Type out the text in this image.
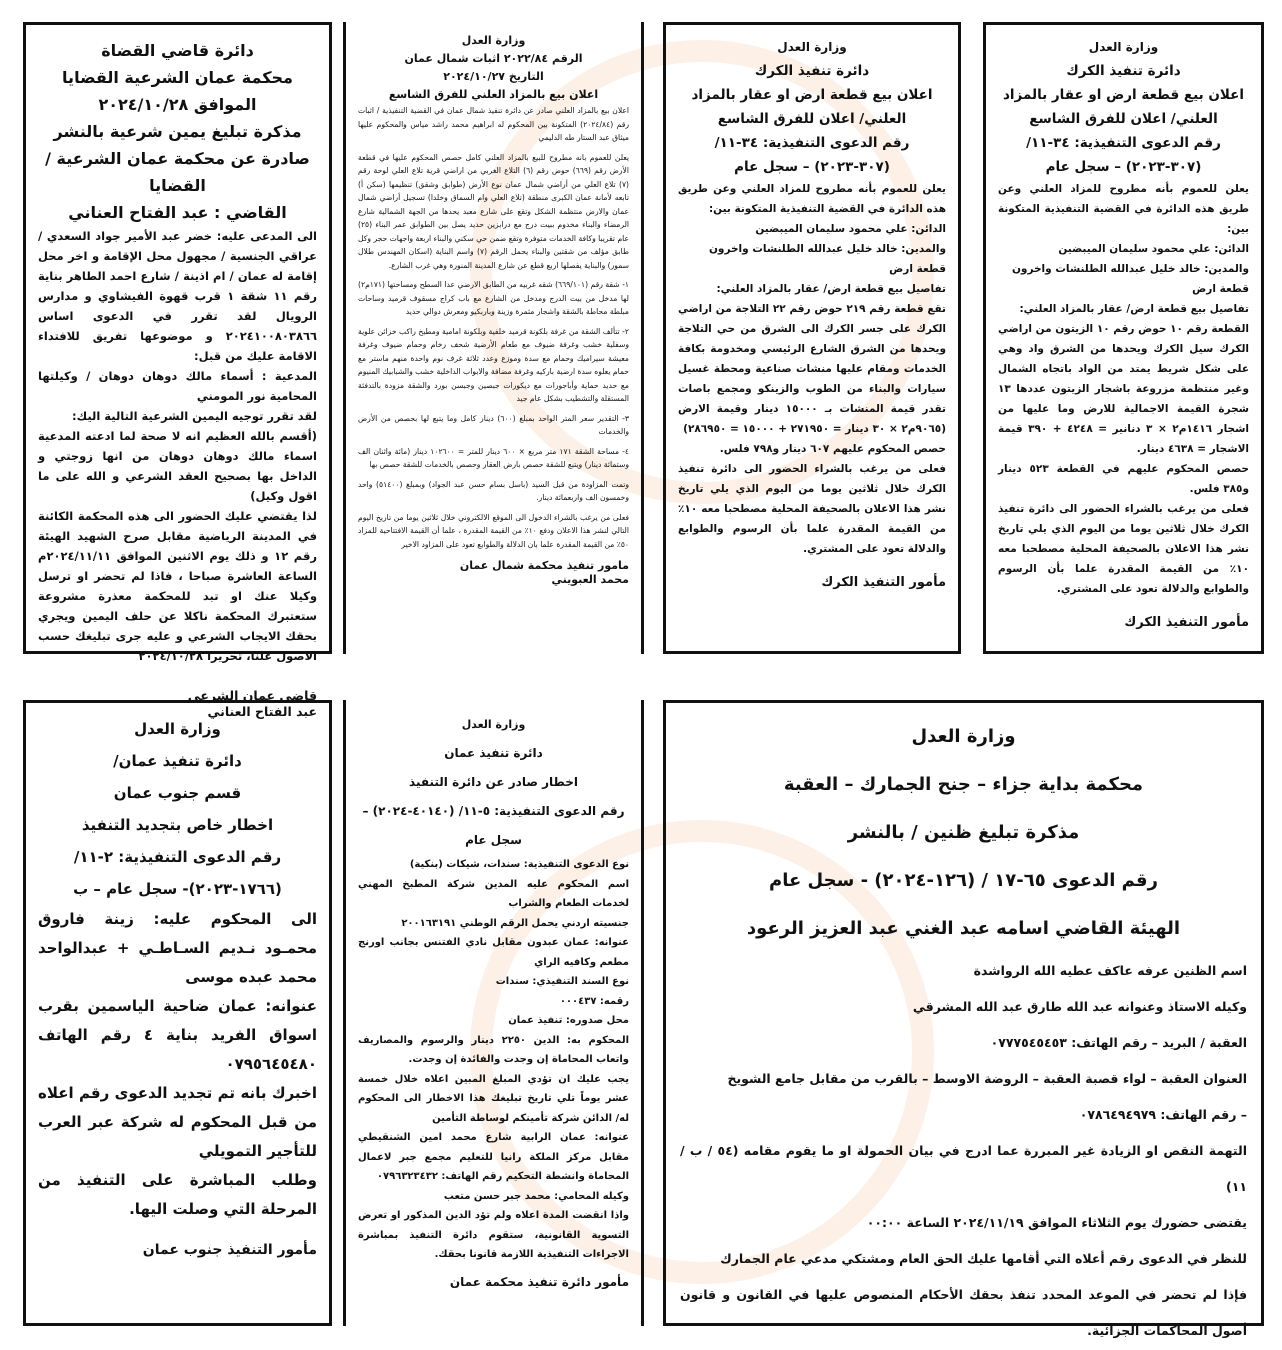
دائرة قاضي القضاة
محكمة عمان الشرعية القضايا
الموافق ٢٠٢٤/١٠/٢٨
مذكرة تبليغ يمين شرعية بالنشر صادرة عن محكمة عمان الشرعية / القضايا
القاضي : عبد الفتاح العناني
الى المدعى عليه: خضر عبد الأمير جواد السعدي / عراقي الجنسية / مجهول محل الإقامة و اخر محل إقامة له عمان / ام اذينة / شارع احمد الطاهر بناية رقم ١١ شقة ١ قرب قهوة الفيشاوي و مدارس الرويال لقد تقرر في الدعوى اساس ٢٠٢٤١٠٠٨٠٣٨٦٦ و موضوعها تفريق للافتداء الاقامة عليك من قبل:
المدعية : أسماء مالك دوهان دوهان / وكيلتها المحامية نور المومني
لقد تقرر توجيه اليمين الشرعية التالية اليك:
(أقسم بالله العظيم انه لا صحة لما ادعته المدعية اسماء مالك دوهان دوهان من انها زوجتي و الداخل بها بصحيح العقد الشرعي و الله على ما اقول وكيل)
لذا يقتضي عليك الحضور الى هذه المحكمة الكائنة في المدينة الرياضية مقابل صرح الشهيد الهيئة رقم ١٢ و ذلك يوم الاثنين الموافق ٢٠٢٤/١١/١١م الساعة العاشرة صباحا ، فاذا لم تحضر او ترسل وكيلا عنك او تبد للمحكمة معذرة مشروعة ستعتبرك المحكمة ناكلا عن حلف اليمين ويجري بحقك الايجاب الشرعي و عليه جرى تبليغك حسب الاصول علنا، تحريرا ٢٠٢٤/١٠/٢٨
قاضي عمان الشرعي
عبد الفتاح العناني
وزارة العدل
الرقم ٢٠٢٢/٨٤ اثبات شمال عمان
التاريخ ٢٠٢٤/١٠/٢٧
اعلان بيع بالمزاد العلني للفرق الشاسع
اعلان بيع بالمزاد العلني صادر عن دائرة تنفيذ شمال عمان في القضية التنفيذية / اثبات رقم (٢٠٢٤/٨٤) المتكونة بين المحكوم له ابراهيم محمد راشد مياس والمحكوم عليها ميثاق عبد الستار طه الدليمي
يعلن للعموم بانه مطروح للبيع بالمزاد العلني كامل حصص المحكوم عليها في قطعة الأرض رقم (٦٦٩) حوض رقم (٦) التلاع الغربي من اراضي قرية تلاع العلي لوحة رقم (٧) تلاع العلي من أراضي شمال عمان نوع الأرض (طوابق وشقق) تنظيمها (سكن أ) تابعه لأمانة عمان الكبرى منطقة (تلاع العلي وام السماق وخلدا) تسجيل أراضي شمال عمان والارض منتظمة الشكل وتقع على شارع معبد يحدها من الجهة الشمالية شارع الرمضاء والبناء مخدوم ببيت درج مع درابزين حديد يصل بين الطوابق عمر البناء (٢٥) عام تقريبا وكافة الخدمات متوفرة وتقع ضمن حي سكني والبناء اربعة واجهات حجر وكل طابق مؤلف من شقتين والبناء يحمل الرقم (٧) واسم البناية (اسكان المهندس طلال سمور) والبناية يفصلها اربع قطع عن شارع المدينة المنورة وهي غرب الشارع.
١- شقة رقم (٦٦٩/١٠١) شقه غربيه من الطابق الارضي عدا السطح ومساحتها (١٧١م٢) لها مدخل من بيت الدرج ومدخل من الشارع مع باب كراج مسقوف قرميد وساحات مبلطة محاطة بالشقة واشجار مثمرة وزينة وباربكيو ومعرش دوالي حديد
٢- تتألف الشقة من غرفة بلكونة قرميد خلفية وبلكونة امامية ومطبخ راكب خزائن علوية وسفلية خشب وغرفة ضيوف مع طعام الأرضية شحف رخام وحمام ضيوف وغرفة معيشة سيراميك وحمام مع سدة وموزع وعدد ثلاثة غرف نوم واحدة منهم ماستر مع حمام يعلوه سدة ارضية باركيه وغرفة مضافة والابواب الداخلية خشب والشبابيك المنيوم مع حديد حماية وأباجورات مع ديكورات جبصين وجبسن بورد والشقة مزودة بالتدفئة المستقلة والتشطيب بشكل عام جيد
٣- التقدير سعر المتر الواحد بمبلغ (٦٠٠) دينار كامل وما يتبع لها بحصص من الأرض والخدمات
٤- مساحة الشقة ١٧١ متر مربع × ٦٠٠ دينار للمتر = ١٠٢٦٠٠ دينار (مائة واثنان الف وستمائة دينار) ويتبع للشقة حصص بارض العقار وحصص بالخدمات للشقة حصص بها
وتمت المزاودة من قبل السيد (باسل بسام حسن عبد الجواد) وبمبلغ (٥١٤٠٠) واحد وخمسون الف واربعمائة دينار.
فعلى من يرغب بالشراء الدخول الى الموقع الالكتروني خلال ثلاثين يوما من تاريخ اليوم التالي لنشر هذا الاعلان ودفع ١٠٪ من القيمة المقدرة ، علما أن القيمة الافتتاحية للمزاد ٥٠٪ من القيمة المقدرة علما بان الدلالة والطوابع تعود على المزاود الاخير
مامور تنفيذ محكمة شمال عمان
محمد العبويني
وزارة العدل
دائرة تنفيذ الكرك
اعلان بيع قطعة ارض او عقار بالمزاد العلني/ اعلان للفرق الشاسع
رقم الدعوى التنفيذية: ٣٤-١١/ (٣٠٧-٢٠٢٣) – سجل عام
يعلن للعموم بأنه مطروح للمزاد العلني وعن طريق هذه الدائرة في القضية التنفيذية المتكونة بين:
الدائن: علي محمود سليمان الميبضين
والمدين: خالد خليل عبدالله الطلنشات واخرون
قطعة ارض
تفاصيل بيع قطعة ارض/ عقار بالمزاد العلني:
تقع قطعة رقم ٢١٩ حوض رقم ٢٢ التلاجة من اراضي الكرك على جسر الكرك الى الشرق من حي التلاجة ويحدها من الشرق الشارع الرئيسي ومخدومة بكافة الخدمات ومقام عليها منشات صناعية ومحطة غسيل سيارات والبناء من الطوب والزينكو ومجمع باصات تقدر قيمة المنشات بـ ١٥٠٠٠ دينار وقيمة الارض (٩٠٦٥م٢ × ٣٠ دينار = ٢٧١٩٥٠ + ١٥٠٠٠ = ٢٨٦٩٥٠)
حصص المحكوم عليهم ٦٠٧ دينار و٧٩٨ فلس.
فعلى من يرغب بالشراء الحضور الى دائرة تنفيذ الكرك خلال ثلاثين يوما من اليوم الذي يلي تاريخ نشر هذا الاعلان بالصحيفة المحلية مصطحبا معه ١٠٪ من القيمة المقدرة علما بأن الرسوم والطوابع والدلالة تعود على المشتري.
مأمور التنفيذ الكرك
وزارة العدل
دائرة تنفيذ الكرك
اعلان بيع قطعة ارض او عقار بالمزاد العلني/ اعلان للفرق الشاسع
رقم الدعوى التنفيذية: ٣٤-١١/ (٣٠٧-٢٠٢٣) – سجل عام
يعلن للعموم بأنه مطروح للمزاد العلني وعن طريق هذه الدائرة في القضية التنفيذية المتكونة بين:
الدائن: علي محمود سليمان الميبضين
والمدين: خالد خليل عبدالله الطلنشات واخرون
قطعة ارض
تفاصيل بيع قطعة ارض/ عقار بالمزاد العلني:
القطعة رقم ١٠ حوض رقم ١٠ الزيتون من اراضي الكرك سيل الكرك ويحدها من الشرق واد وهي على شكل شريط يمتد من الواد باتجاه الشمال وغير منتظمة مزروعة باشجار الزيتون عددها ١٣ شجرة القيمة الاجمالية للارض وما عليها من اشجار ١٤١٦م٢ × ٣ دنانير = ٤٢٤٨ + ٣٩٠ قيمة الاشجار = ٤٦٣٨ دينار.
حصص المحكوم عليهم في القطعة ٥٢٣ دينار و٣٨٥ فلس.
فعلى من يرغب بالشراء الحضور الى دائرة تنفيذ الكرك خلال ثلاثين يوما من اليوم الذي يلي تاريخ نشر هذا الاعلان بالصحيفة المحلية مصطحبا معه ١٠٪ من القيمة المقدرة علما بأن الرسوم والطوابع والدلالة تعود على المشتري.
مأمور التنفيذ الكرك
وزارة العدل
محكمة بداية جزاء – جنح الجمارك – العقبة
مذكرة تبليغ ظنين / بالنشر
رقم الدعوى ٦٥-١٧ / (١٢٦-٢٠٢٤) - سجل عام
الهيئة القاضي اسامه عبد الغني عبد العزيز الرعود
اسم الظنين عرفه عاكف عطيه الله الرواشدة
وكيله الاستاذ وعنوانه عبد الله طارق عبد الله المشرقي
العقبة / البريد – رقم الهاتف: ٠٧٧٧٥٤٥٤٥٣
العنوان العقبة – لواء قصبة العقبة – الروضة الاوسط – بالقرب من مقابل جامع الشويخ
– رقم الهاتف: ٠٧٨٦٤٩٤٩٧٩
التهمة النقص او الزيادة غير المبررة عما ادرج في بيان الحمولة او ما يقوم مقامه (٥٤ / ب / ١١)
يقتضى حضورك يوم الثلاثاء الموافق ٢٠٢٤/١١/١٩ الساعة ٠٠:٠٠
للنظر في الدعوى رقم أعلاه التي أقامها عليك الحق العام ومشتكي مدعي عام الجمارك
فإذا لم تحضر في الموعد المحدد تنفذ بحقك الأحكام المنصوص عليها في القانون و قانون أصول المحاكمات الجزائية.
وزارة العدل
دائرة تنفيذ عمان
اخطار صادر عن دائرة التنفيذ
رقم الدعوى التنفيذية: ٥-١١/ (٤٠١٤٠-٢٠٢٤) – سجل عام
نوع الدعوى التنفيذية: سندات، شيكات (بنكية)
اسم المحكوم عليه المدين شركة المطبخ المهني لخدمات الطعام والشراب
جنسيته اردني يحمل الرقم الوطني ٢٠٠١٦٣١٩١
عنوانه: عمان عبدون مقابل نادي الفتنس بجانب اورنج مطعم وكافيه الراي
نوع السند التنفيذي: سندات
رقمه: ٠٠٠٤٣٧
محل صدوره: تنفيذ عمان
المحكوم به: الدين ٢٢٥٠ دينار والرسوم والمصاريف واتعاب المحاماة إن وجدت والفائدة إن وجدت.
يجب عليك ان تؤدي المبلغ المبين اعلاه خلال خمسة عشر يوماً تلي تاريخ تبليغك هذا الاخطار الى المحكوم له/ الدائن شركة تأمينكم لوساطة التأمين
عنوانه: عمان الرابية شارع محمد امين الشنقيطي مقابل مركز الملكة رانيا للتعليم مجمع جبر لاعمال المحاماة وانشطة التحكيم رقم الهاتف: ٠٧٩٦٣٢٣٤٣٢
وكيله المحامي: محمد جبر حسن متعب
واذا انقضت المدة اعلاه ولم تؤد الدين المذكور او تعرض التسوية القانونية، ستقوم دائرة التنفيذ بمباشرة الاجراءات التنفيذية اللازمة قانونا بحقك.
مأمور دائرة تنفيذ محكمة عمان
وزارة العدل
دائرة تنفيذ عمان/
قسم جنوب عمان
اخطار خاص بتجديد التنفيذ
رقم الدعوى التنفيذية: ٢-١١/ (١٧٦٦-٢٠٢٣)- سجل عام – ب
الى المحكوم عليه: زينة فاروق محمـود نـديم السـاطـي + عبدالواحد محمد عبده موسى
عنوانه: عمان ضاحية الياسمين بقرب اسواق الفريد بناية ٤ رقم الهاتف ٠٧٩٥٦٤٥٤٨٠
اخبرك بانه تم تجديد الدعوى رقم اعلاه من قبل المحكوم له شركة عبر العرب للتأجير التمويلي
وطلب المباشرة على التنفيذ من المرحلة التي وصلت اليها.
مأمور التنفيذ جنوب عمان
